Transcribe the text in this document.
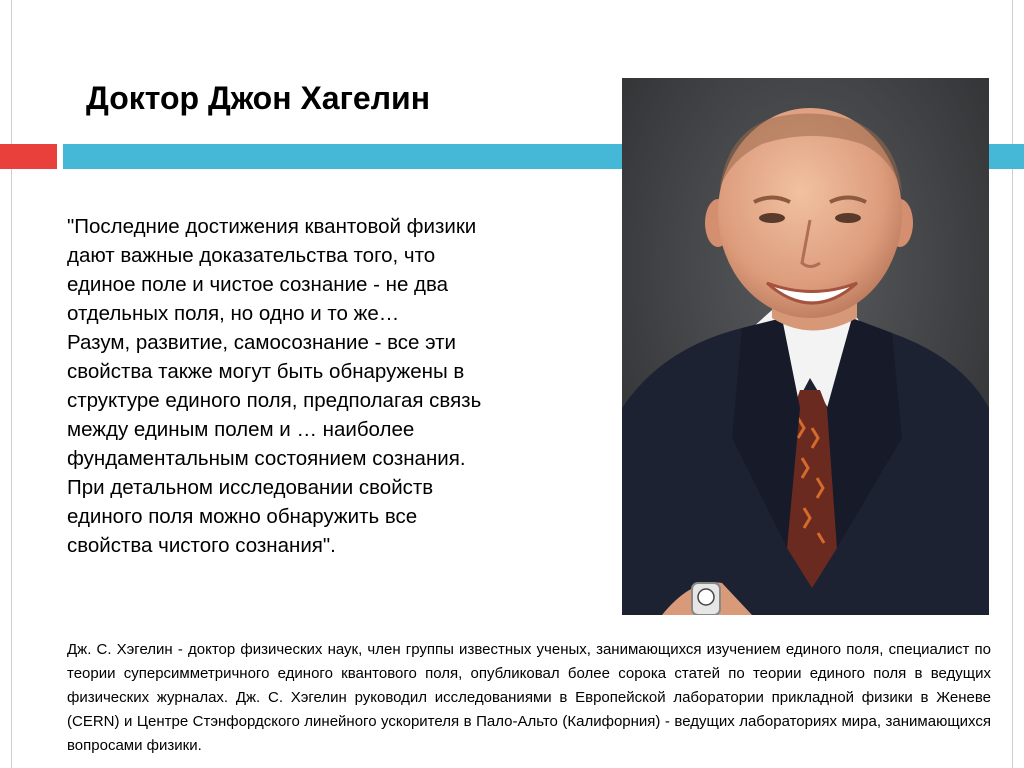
Доктор Джон Хагелин
"Последние достижения квантовой физики
дают важные доказательства того, что
единое поле и чистое сознание - не два
отдельных поля, но одно и то же…
Разум, развитие, самосознание - все эти
свойства также могут быть обнаружены в
структуре единого поля, предполагая связь
между единым полем и … наиболее
фундаментальным состоянием сознания.
При детальном исследовании свойств
единого поля можно обнаружить все
свойства чистого сознания".
Дж. С. Хэгелин - доктор физических наук, член группы известных ученых, занимающихся изучением единого поля, специалист по теории суперсимметричного единого квантового поля, опубликовал более сорока статей по теории единого поля в ведущих физических журналах. Дж. С. Хэгелин руководил исследованиями в Европейской лаборатории прикладной физики в Женеве (CERN) и Центре Стэнфордского линейного ускорителя в Пало-Альто (Калифорния) - ведущих лабораториях мира, занимающихся вопросами физики.
